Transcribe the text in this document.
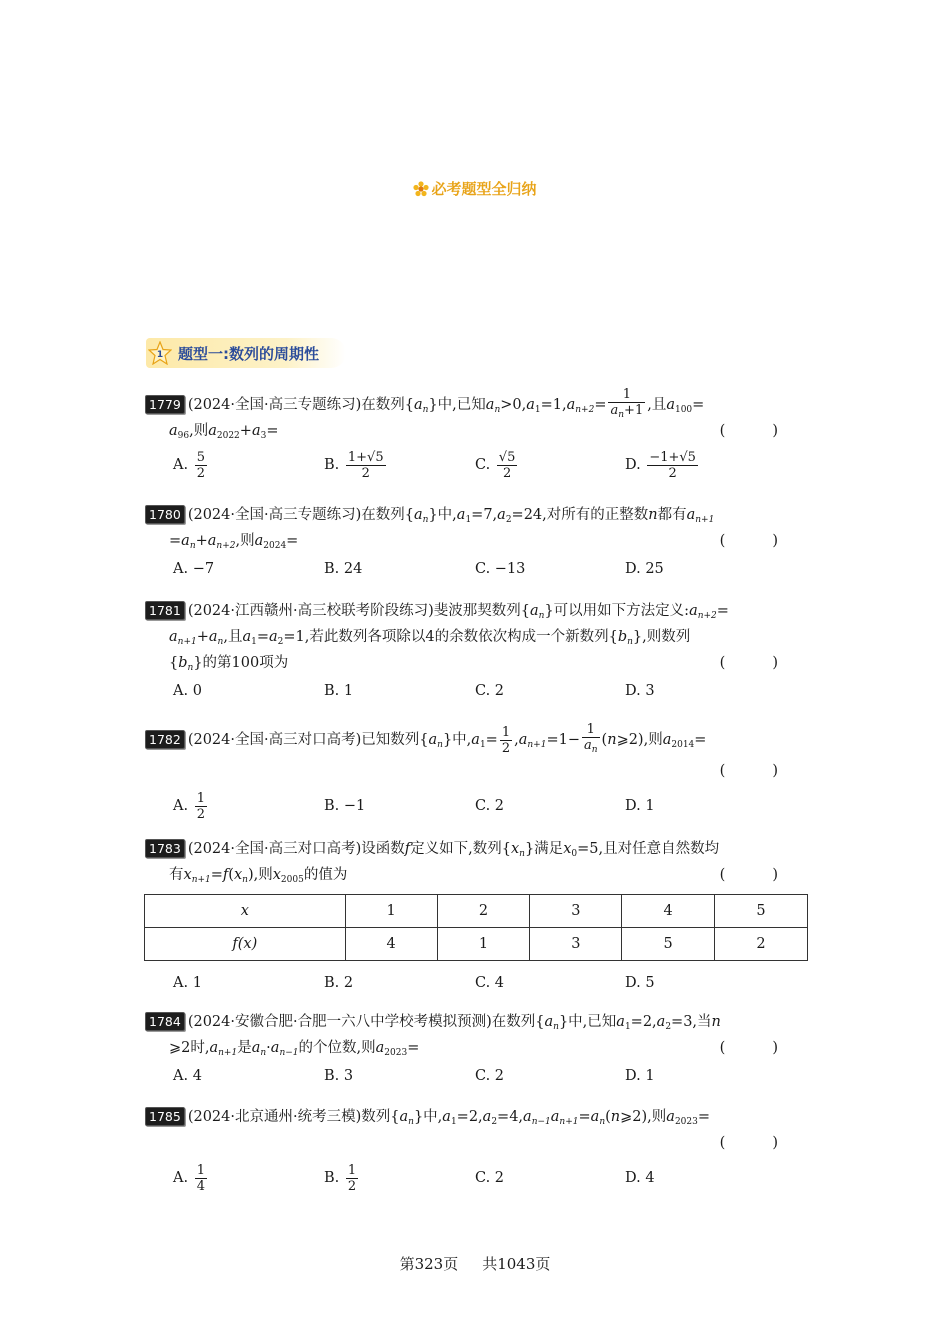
必考题型全归纳
1 题型一:数列的周期性
1779 (2024·全国·高三专题练习)在数列$\{a_n\}$中,已知$a_n>0,a_1=1,a_{n+2}= \frac{1}{a_n+1}$ ,且$a_{100}=$
$a_{96}$,则$a_{2022}+a_3=$	( )
A. $\frac{5}{2}$	B. $\frac{1+√5}{2}$	C. $\frac{√5}{2}$	D. $\frac{-1+√5}{2}$
1780 (2024·全国·高三专题练习)在数列$\{a_n\}$中$,a_1=7,a_2=24$,对所有的正整数n都有$a_{n+1}$
$=a_n+a_{n+2}$,则$a_{2024}=$	( )
A. −7	B. 24	C. −13	D. 25
1781 (2024·江西赣州·高三校联考阶段练习)斐波那契数列$\{a_n\}$可以用如下方法定义$:a_{n+2}=$
$a_{n+1}+a_n$,且$a_1=a_2=1$,若此数列各项除以4的余数依次构成一个新数列$\{b_n\}$,则数列
$\{b_n\}$的第100项为	( )
A. 0	B. 1	C. 2	D. 3
1782 (2024·全国·高三对口高考)已知数列$\{a_n\}$中$,a_1= \frac{1}{2} ,a_{n+1}=1- \frac{1}{a_n}$ (n⩾2),则$a_{2014}=$
( )
A. $\frac{1}{2}$	B. −1	C. 2	D. 1
1783 (2024·全国·高三对口高考)设函数f定义如下,数列$\{x_n\}$满足$x_0=5$,且对任意自然数均
有$x_{n+1}=f(x_n)$,则$x_{2005}$的值为	( )
x	1	2	3	4	5
f(x)	4	1	3	5	2
A. 1	B. 2	C. 4	D. 5
1784 (2024·安徽合肥·合肥一六八中学校考模拟预测)在数列$\{a_n\}$中,已知$a_1=2,a_2=3$,当n
⩾2时$,a_{n+1}$是$a_n\cdot a_{n-1}$的个位数,则$a_{2023}=$	( )
A. 4	B. 3	C. 2	D. 1
1785 (2024·北京通州·统考三模)数列$\{a_n\}$中$,a_1=2,a_2=4,a_{n-1}a_{n+1}=a_n(n⩾2)$,则$a_{2023}=$
( )
A. $\frac{1}{4}$	B. $\frac{1}{2}$	C. 2	D. 4
第323页 共1043页
